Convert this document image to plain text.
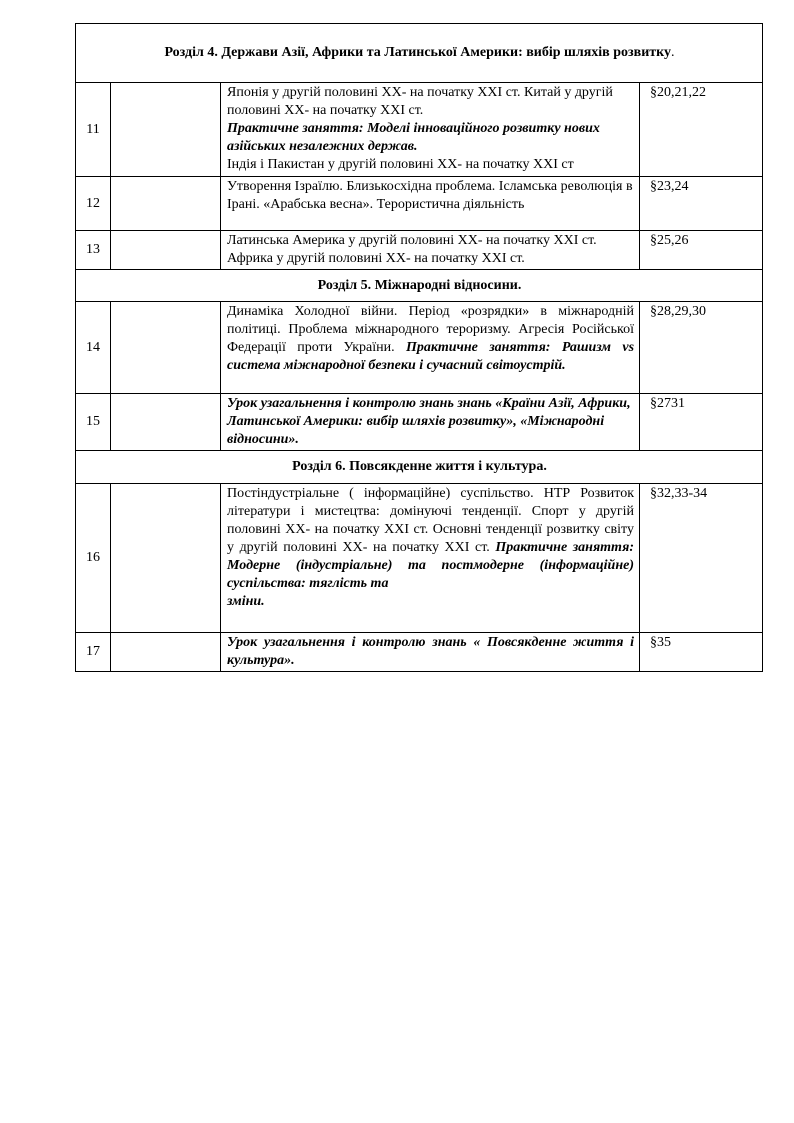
Розділ 4. Держави Азії, Африки та Латинської Америки: вибір шляхів розвитку.			
11		Японія у другій половині ХХ- на початку ХХІ ст. Китай у другій половині ХХ- на початку ХХІ ст.
Практичне заняття: Моделі інноваційного розвитку нових азійських незалежних держав.
Індія і Пакистан у другій половині ХХ- на початку ХХІ ст	§20,21,22
12		Утворення Ізраїлю. Близькосхідна проблема. Ісламська революція в Ірані. «Арабська весна». Терористична діяльність	§23,24
13		Латинська Америка у другій половині ХХ- на початку ХХІ ст. Африка у другій половині ХХ- на початку ХХІ ст.	§25,26
Розділ 5. Міжнародні відносини.			
14		Динаміка Холодної війни. Період «розрядки» в міжнародній політиці. Проблема міжнародного тероризму. Агресія Російської Федерації проти України. Практичне заняття: Рашизм vs система міжнародної безпеки і сучасний світоустрій.	§28,29,30
15		Урок узагальнення і контролю знань знань «Країни Азії, Африки, Латинської Америки: вибір шляхів розвитку», «Міжнародні відносини».	§2731
Розділ 6. Повсякденне життя і культура.			
16		Постіндустріальне ( інформаційне) суспільство. НТР Розвиток літератури і мистецтва: домінуючі тенденції. Спорт у другій половині ХХ- на початку ХХІ ст. Основні тенденції розвитку світу у другій половині ХХ- на початку ХХІ ст. Практичне заняття: Модерне (індустріальне) та постмодерне (інформаційне) суспільства: тяглість та
зміни.	§32,33-34
17		Урок узагальнення і контролю знань « Повсякденне життя і культура».	§35
